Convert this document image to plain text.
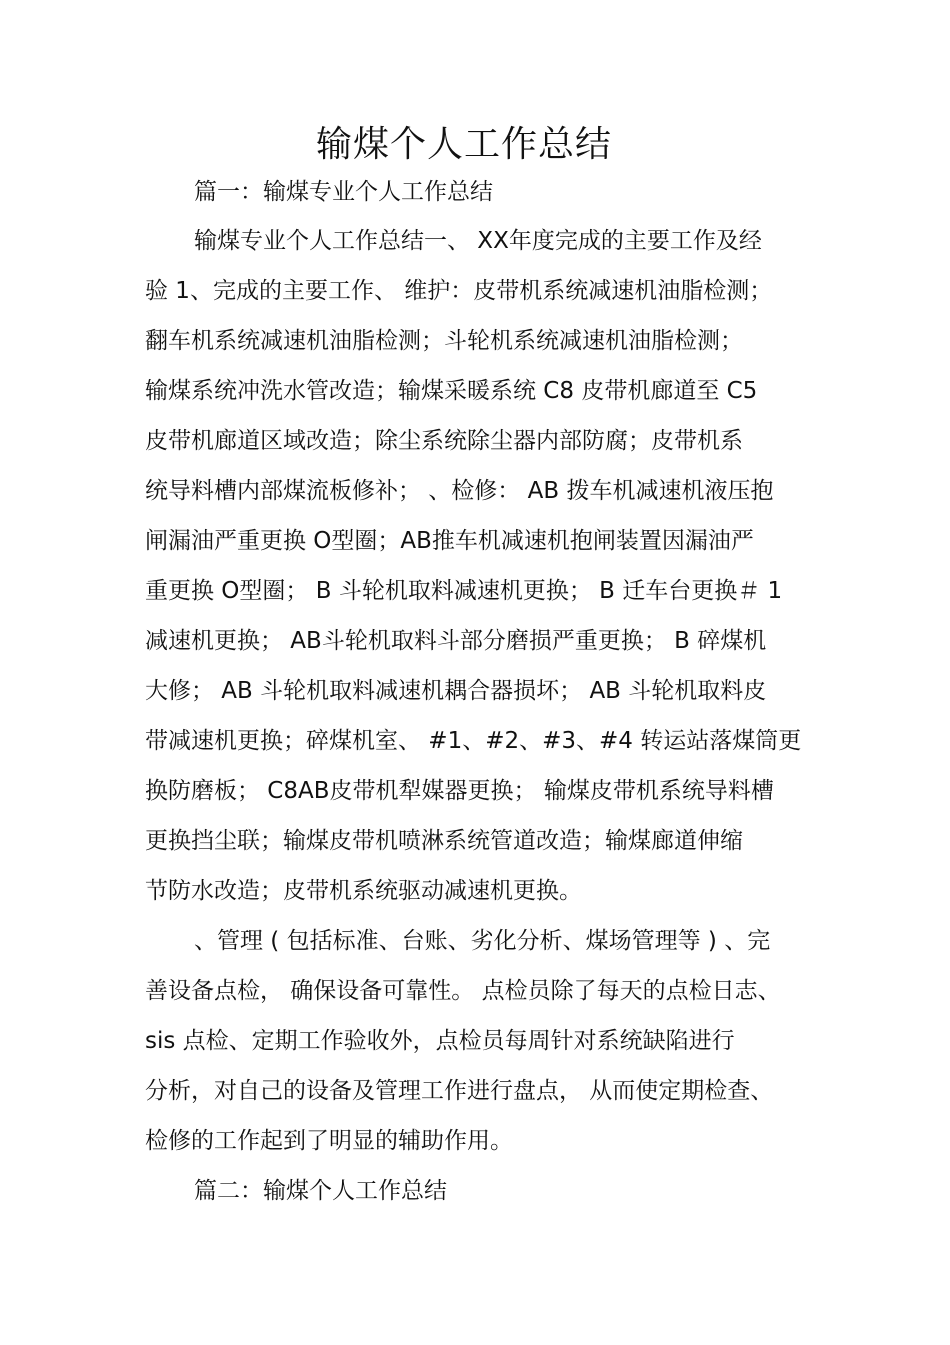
输煤个人工作总结
篇一：输煤专业个人工作总结
输煤专业个人工作总结一、 XX年度完成的主要工作及经
验 1、完成的主要工作、 维护：皮带机系统减速机油脂检测；
翻车机系统减速机油脂检测；斗轮机系统减速机油脂检测；
输煤系统冲洗水管改造；输煤采暖系统 C8 皮带机廊道至 C5
皮带机廊道区域改造；除尘系统除尘器内部防腐；皮带机系
统导料槽内部煤流板修补； 、检修： AB 拨车机减速机液压抱
闸漏油严重更换 O型圈；AB推车机减速机抱闸装置因漏油严
重更换 O型圈； B 斗轮机取料减速机更换； B 迁车台更换＃ 1
减速机更换； AB斗轮机取料斗部分磨损严重更换； B 碎煤机
大修； AB 斗轮机取料减速机耦合器损坏； AB 斗轮机取料皮
带减速机更换；碎煤机室、 #1、#2、#3、#4 转运站落煤筒更
换防磨板； C8AB皮带机犁媒器更换； 输煤皮带机系统导料槽
更换挡尘联；输煤皮带机喷淋系统管道改造；输煤廊道伸缩
节防水改造；皮带机系统驱动减速机更换。
、管理 ( 包括标准、台账、劣化分析、煤场管理等 ) 、完
善设备点检， 确保设备可靠性。 点检员除了每天的点检日志、
sis 点检、定期工作验收外，点检员每周针对系统缺陷进行
分析，对自己的设备及管理工作进行盘点， 从而使定期检查、
检修的工作起到了明显的辅助作用。
篇二：输煤个人工作总结
